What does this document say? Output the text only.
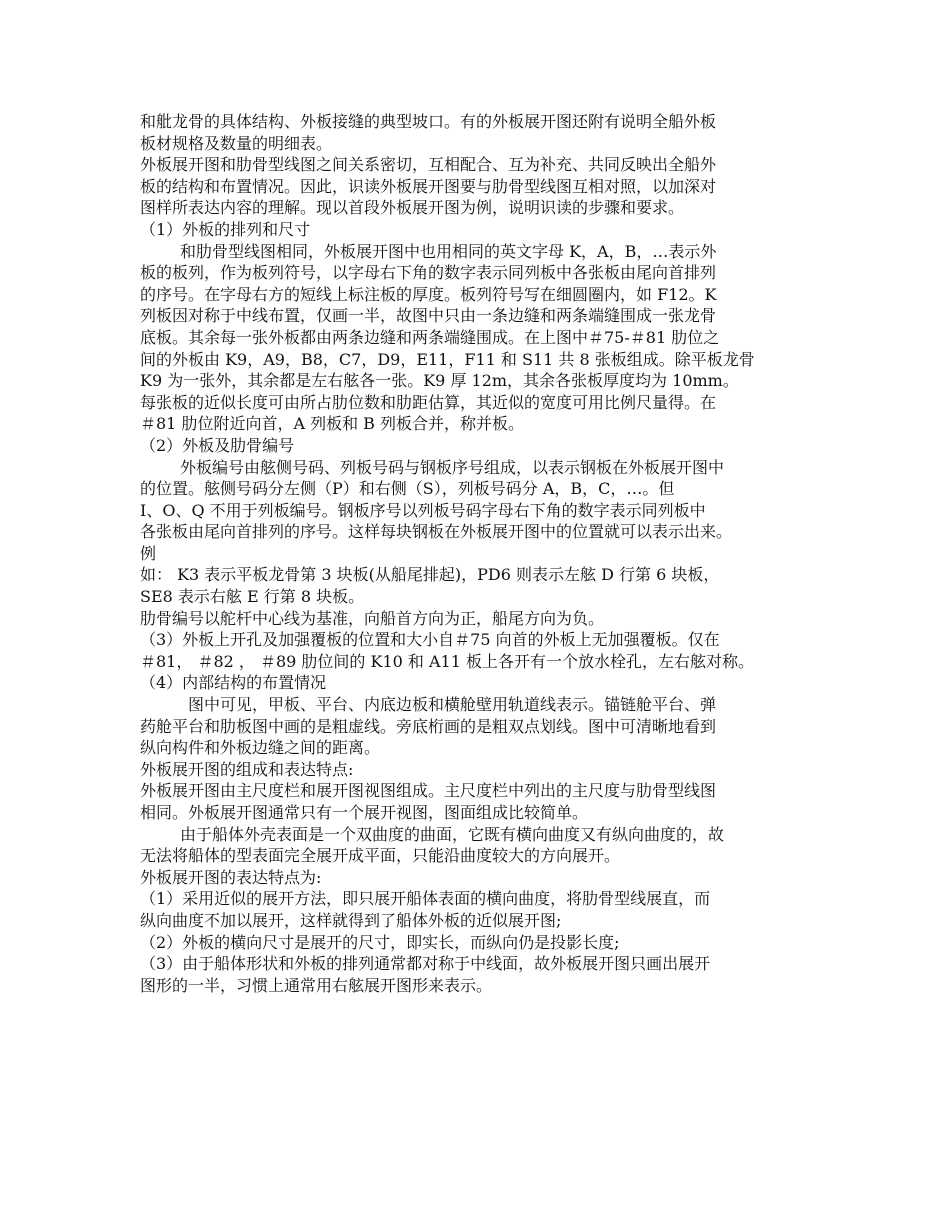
和舭龙骨的具体结构、外板接缝的典型坡口。有的外板展开图还附有说明全船外板
板材规格及数量的明细表。
外板展开图和肋骨型线图之间关系密切，互相配合、互为补充、共同反映出全船外
板的结构和布置情况。因此，识读外板展开图要与肋骨型线图互相对照，以加深对
图样所表达内容的理解。现以首段外板展开图为例，说明识读的步骤和要求。
（1）外板的排列和尺寸
和肋骨型线图相同，外板展开图中也用相同的英文字母 K，A，B，…表示外
板的板列，作为板列符号，以字母右下角的数字表示同列板中各张板由尾向首排列
的序号。在字母右方的短线上标注板的厚度。板列符号写在细圆圈内，如 F12。K
列板因对称于中线布置，仅画一半，故图中只由一条边缝和两条端缝围成一张龙骨
底板。其余每一张外板都由两条边缝和两条端缝围成。在上图中＃75-＃81 肋位之
间的外板由 K9，A9，B8，C7，D9，E11，F11 和 S11 共 8 张板组成。除平板龙骨
K9 为一张外，其余都是左右舷各一张。K9 厚 12m，其余各张板厚度均为 10mm。
每张板的近似长度可由所占肋位数和肋距估算，其近似的宽度可用比例尺量得。在
＃81 肋位附近向首，A 列板和 B 列板合并，称并板。
（2）外板及肋骨编号
外板编号由舷侧号码、列板号码与钢板序号组成，以表示钢板在外板展开图中
的位置。舷侧号码分左侧（P）和右侧（S），列板号码分 A，B，C，…。但
I、O、Q 不用于列板编号。钢板序号以列板号码字母右下角的数字表示同列板中
各张板由尾向首排列的序号。这样每块钢板在外板展开图中的位置就可以表示出来。
例
如： K3 表示平板龙骨第 3 块板(从船尾排起)，PD6 则表示左舷 D 行第 6 块板，
SE8 表示右舷 E 行第 8 块板。
肋骨编号以舵杆中心线为基准，向船首方向为正，船尾方向为负。
（3）外板上开孔及加强覆板的位置和大小自＃75 向首的外板上无加强覆板。仅在
＃81， ＃82 ， ＃89 肋位间的 K10 和 A11 板上各开有一个放水栓孔，左右舷对称。
（4）内部结构的布置情况
图中可见，甲板、平台、内底边板和横舱壁用轨道线表示。锚链舱平台、弹
药舱平台和肋板图中画的是粗虚线。旁底桁画的是粗双点划线。图中可清晰地看到
纵向构件和外板边缝之间的距离。
外板展开图的组成和表达特点:
外板展开图由主尺度栏和展开图视图组成。主尺度栏中列出的主尺度与肋骨型线图
相同。外板展开图通常只有一个展开视图，图面组成比较简单。
由于船体外壳表面是一个双曲度的曲面，它既有横向曲度又有纵向曲度的，故
无法将船体的型表面完全展开成平面，只能沿曲度较大的方向展开。
外板展开图的表达特点为:
（1）采用近似的展开方法，即只展开船体表面的横向曲度，将肋骨型线展直，而
纵向曲度不加以展开，这样就得到了船体外板的近似展开图;
（2）外板的横向尺寸是展开的尺寸，即实长，而纵向仍是投影长度;
（3）由于船体形状和外板的排列通常都对称于中线面，故外板展开图只画出展开
图形的一半，习惯上通常用右舷展开图形来表示。
